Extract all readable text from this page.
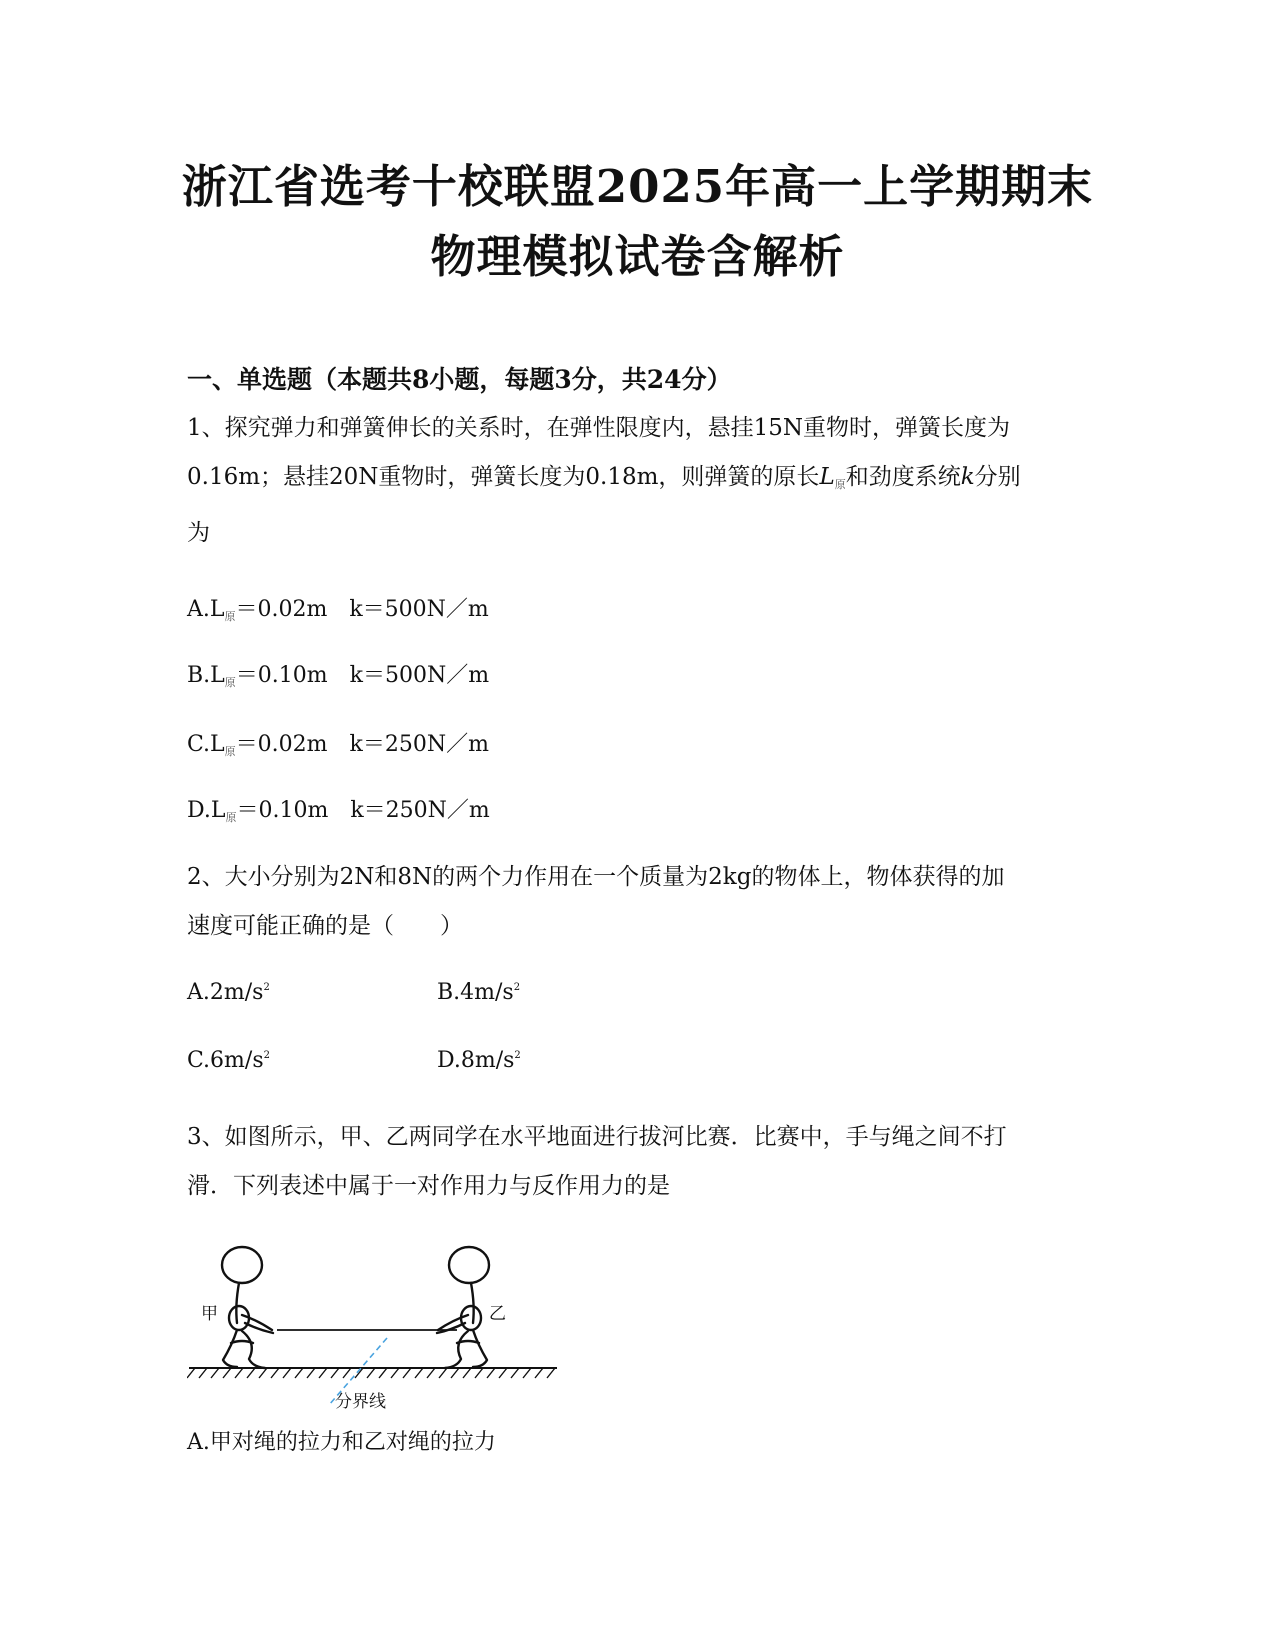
浙江省选考十校联盟2025年高一上学期期末
物理模拟试卷含解析
一、单选题（本题共8小题，每题3分，共24分）
1、探究弹力和弹簧伸长的关系时，在弹性限度内，悬挂15N重物时，弹簧长度为
0.16m；悬挂20N重物时，弹簧长度为0.18m，则弹簧的原长$L_原$和劲度系统k分别
为
$A.L_原=0.02m$　k＝500N／m
$B.L_原=0.10m$　k＝500N／m
$C.L_原=0.02m$　k＝250N／m
$D.L_原=0.10m$　k＝250N／m
2、大小分别为2N和8N的两个力作用在一个质量为2kg的物体上，物体获得的加
速度可能正确的是（　　）
$A.2m/s^2$	$B.4m/s^2$
$C.6m/s^2$	$D.8m/s^2$
3、如图所示，甲、乙两同学在水平地面进行拔河比赛．比赛中，手与绳之间不打
滑．下列表述中属于一对作用力与反作用力的是
甲	乙
分界线
A.甲对绳的拉力和乙对绳的拉力
